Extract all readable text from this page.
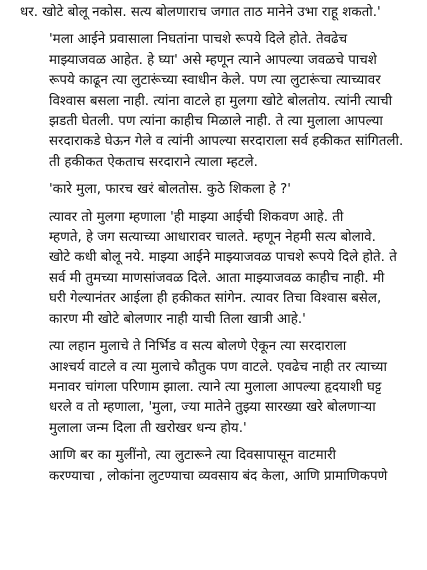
धर. खोटे बोलू नकोस. सत्य बोलणाराच जगात ताठ मानेने उभा राहू शकतो.'

'मला आईने प्रवासाला निघतांना पाचशे रूपये दिले होते. तेवढेच
माझ्याजवळ आहेत. हे घ्या' असे म्हणून त्याने आपल्या जवळचे पाचशे
रूपये काढून त्या लुटारूंच्या स्वाधीन केले. पण त्या लुटारूंचा त्याच्यावर
विश्वास बसला नाही. त्यांना वाटले हा मुलगा खोटे बोलतोय. त्यांनी त्याची
झडती घेतली. पण त्यांना काहीच मिळाले नाही. ते त्या मुलाला आपल्या
सरदाराकडे घेऊन गेले व त्यांनी आपल्या सरदाराला सर्व हकीकत सांगितली.
ती हकीकत ऐकताच सरदाराने त्याला म्हटले.

'कारे मुला, फारच खरं बोलतोस. कुठे शिकला हे ?'

त्यावर तो मुलगा म्हणाला 'ही माझ्या आईची शिकवण आहे. ती
म्हणते, हे जग सत्याच्या आधारावर चालते. म्हणून नेहमी सत्य बोलावे.
खोटे कधी बोलू नये. माझ्या आईने माझ्याजवळ पाचशे रूपये दिले होते. ते
सर्व मी तुमच्या माणसांजवळ दिले. आता माझ्याजवळ काहीच नाही. मी
घरी गेल्यानंतर आईला ही हकीकत सांगेन. त्यावर तिचा विश्वास बसेल,
कारण मी खोटे बोलणार नाही याची तिला खात्री आहे.'

त्या लहान मुलाचे ते निर्भिड व सत्य बोलणे ऐकून त्या सरदाराला
आश्चर्य वाटले व त्या मुलाचे कौतुक पण वाटले. एवढेच नाही तर त्याच्या
मनावर चांगला परिणाम झाला. त्याने त्या मुलाला आपल्या हृदयाशी घट्ट
धरले व तो म्हणाला, 'मुला, ज्या मातेने तुझ्या सारख्या खरे बोलणाऱ्या
मुलाला जन्म दिला ती खरोखर धन्य होय.'

आणि बर का मुलींनो, त्या लुटारूने त्या दिवसापासून वाटमारी
करण्याचा , लोकांना लुटण्याचा व्यवसाय बंद केला, आणि प्रामाणिकपणे
